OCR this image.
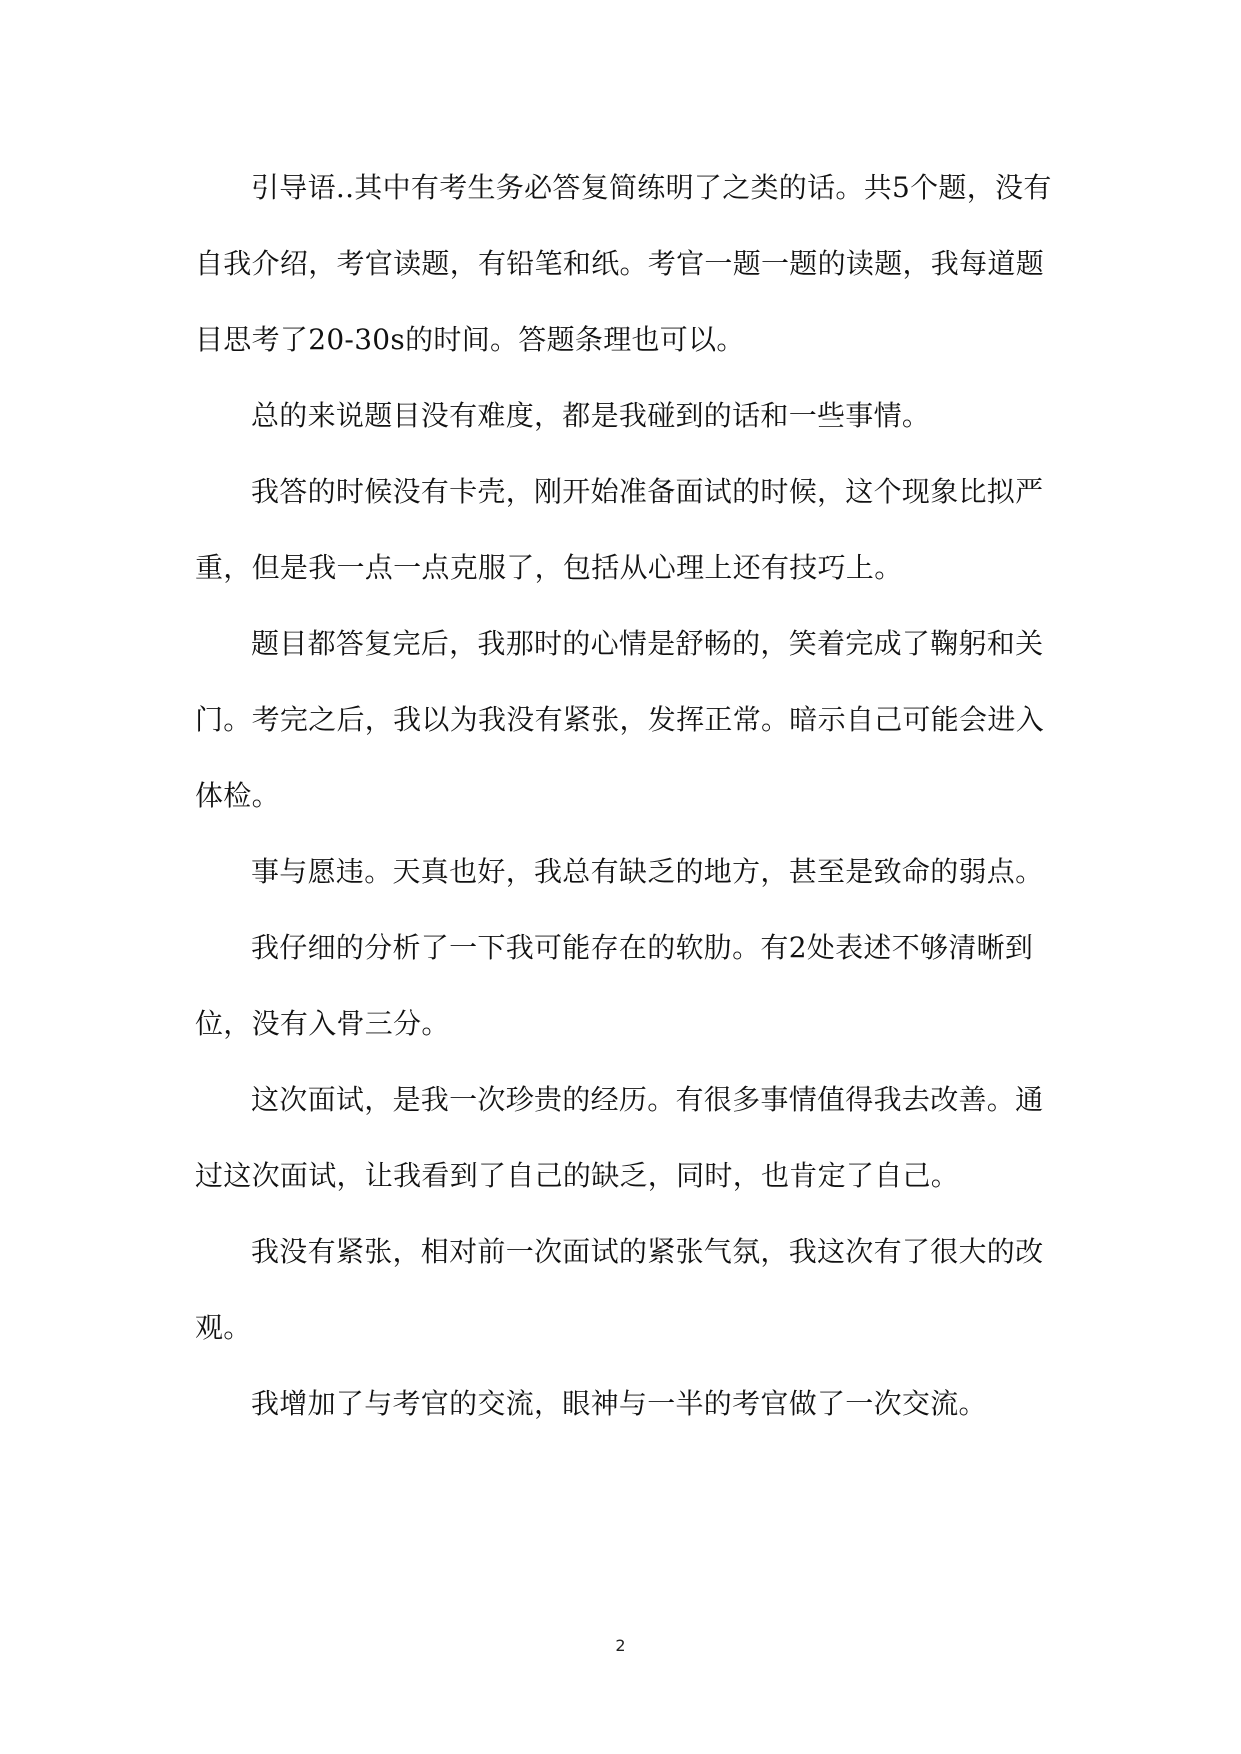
引导语..其中有考生务必答复简练明了之类的话。共5个题，没有自我介绍，考官读题，有铅笔和纸。考官一题一题的读题，我每道题目思考了20-30s的时间。答题条理也可以。

总的来说题目没有难度，都是我碰到的话和一些事情。

我答的时候没有卡壳，刚开始准备面试的时候，这个现象比拟严重，但是我一点一点克服了，包括从心理上还有技巧上。

题目都答复完后，我那时的心情是舒畅的，笑着完成了鞠躬和关门。考完之后，我以为我没有紧张，发挥正常。暗示自己可能会进入体检。

事与愿违。天真也好，我总有缺乏的地方，甚至是致命的弱点。

我仔细的分析了一下我可能存在的软肋。有2处表述不够清晰到位，没有入骨三分。

这次面试，是我一次珍贵的经历。有很多事情值得我去改善。通过这次面试，让我看到了自己的缺乏，同时，也肯定了自己。

我没有紧张，相对前一次面试的紧张气氛，我这次有了很大的改观。

我增加了与考官的交流，眼神与一半的考官做了一次交流。

2
